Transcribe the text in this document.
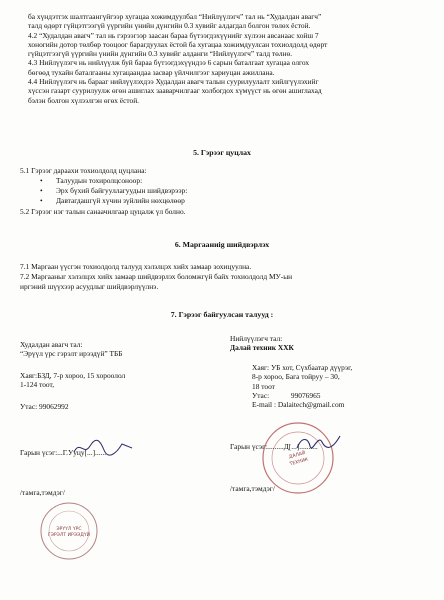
ба хүндэтгэх шалтгаангүйгээр хугацаа хожимдуулбал “Нийлүүлэгч” тал нь “Худалдан авагч”

талд өдөрт гүйцэтгээгүй үүргийн үнийн дүнгийн 0.3 хувийг алдагдал болгон төлөх ёстой.

4.2 “Худалдан авагч” тал нь гэрээгээр заасан бараа бүтээгдэхүүнийг хүлээн авсанаас хойш 7

хоногийн дотор төлбөр тооцоог барагдуулах ёстой ба хугацаа хожимдуулсан тохиолдолд өдөрт

гүйцэтгээгүй үүргийн үнийн дүнгийн 0.3 хувийг алданги “Нийлүүлэгч” талд төлнө.

4.3 Нийлүүлэгч нь нийлүүлж буй бараа бүтээгдэхүүндээ 6 сарын баталгаат хугацаа олгох

бөгөөд тухайн баталгааны хугацаандаа засвар үйлчилгээг хариуцан ажиллана.

4.4 Нийлүүлэгч нь барааг нийлүүлэхдээ Худалдан авагч талын суурилуулалт хийлгүүлэхийг

хүссэн газарт суурилуулж өгөн ашиглах зааварчилгааг холбогдох хүмүүст нь өгөн ашиглахад

бэлэн болгон хүлээлгэн өгөх ёстой.

5. Гэрээг цуцлах

5.1 Гэрээг дараахи тохиолдолд цуцлана:

• Талуудын тохиролцсоноор:
• Эрх бүхий байгууллагуудын шийдвэрээр:
• Давтагдашгүй хүчин зүйлийн нөхцөлөөр

5.2 Гэрээг нэг талын санаачилгаар цуцалж үл болно.

6. Маргааниig шийдвэрлэх

7.1 Маргаан үүсгэн тохиолдолд талууд хэлэлцэх хийх замаар зохицуулна.

7.2 Маргааныг хэлэлцэх хийх замаар шийдвэрлэх боломжгүй байх тохиолдолд МУ-ын

иргэний шүүхээр асуудлыг шийдвэрлүүлнэ.

7. Гэрээг байгуулсан талууд :
Худалдан авагч тал:
“Эрүүл үрс гэрэлт ирээдүй” ТББ
Хаяг:БЗД, 7-р хороо, 15 хороолол
1-124 тоот,
Утас: 99062992
Гарын үсэг:...Г.Ууцу[...]......
/тамга,тэмдэг/
ЭРҮҮЛ ҮРС
ГЭРЭЛТ ИРЭЭДҮЙ
Нийлүүлэгч тал:
Далай техник ХХК
Хаяг: УБ хот, Сүхбаатар дүүрэг,
8-р хороо, Бага тойруу – 30,
18 тоот
Утас:	99076965
E-mail : Dalaitech@gmail.com
ДАЛАЙ
ТЕХНИК
Гарын үсэг:.........Д[...]..........
/тамга,тэмдэг/
